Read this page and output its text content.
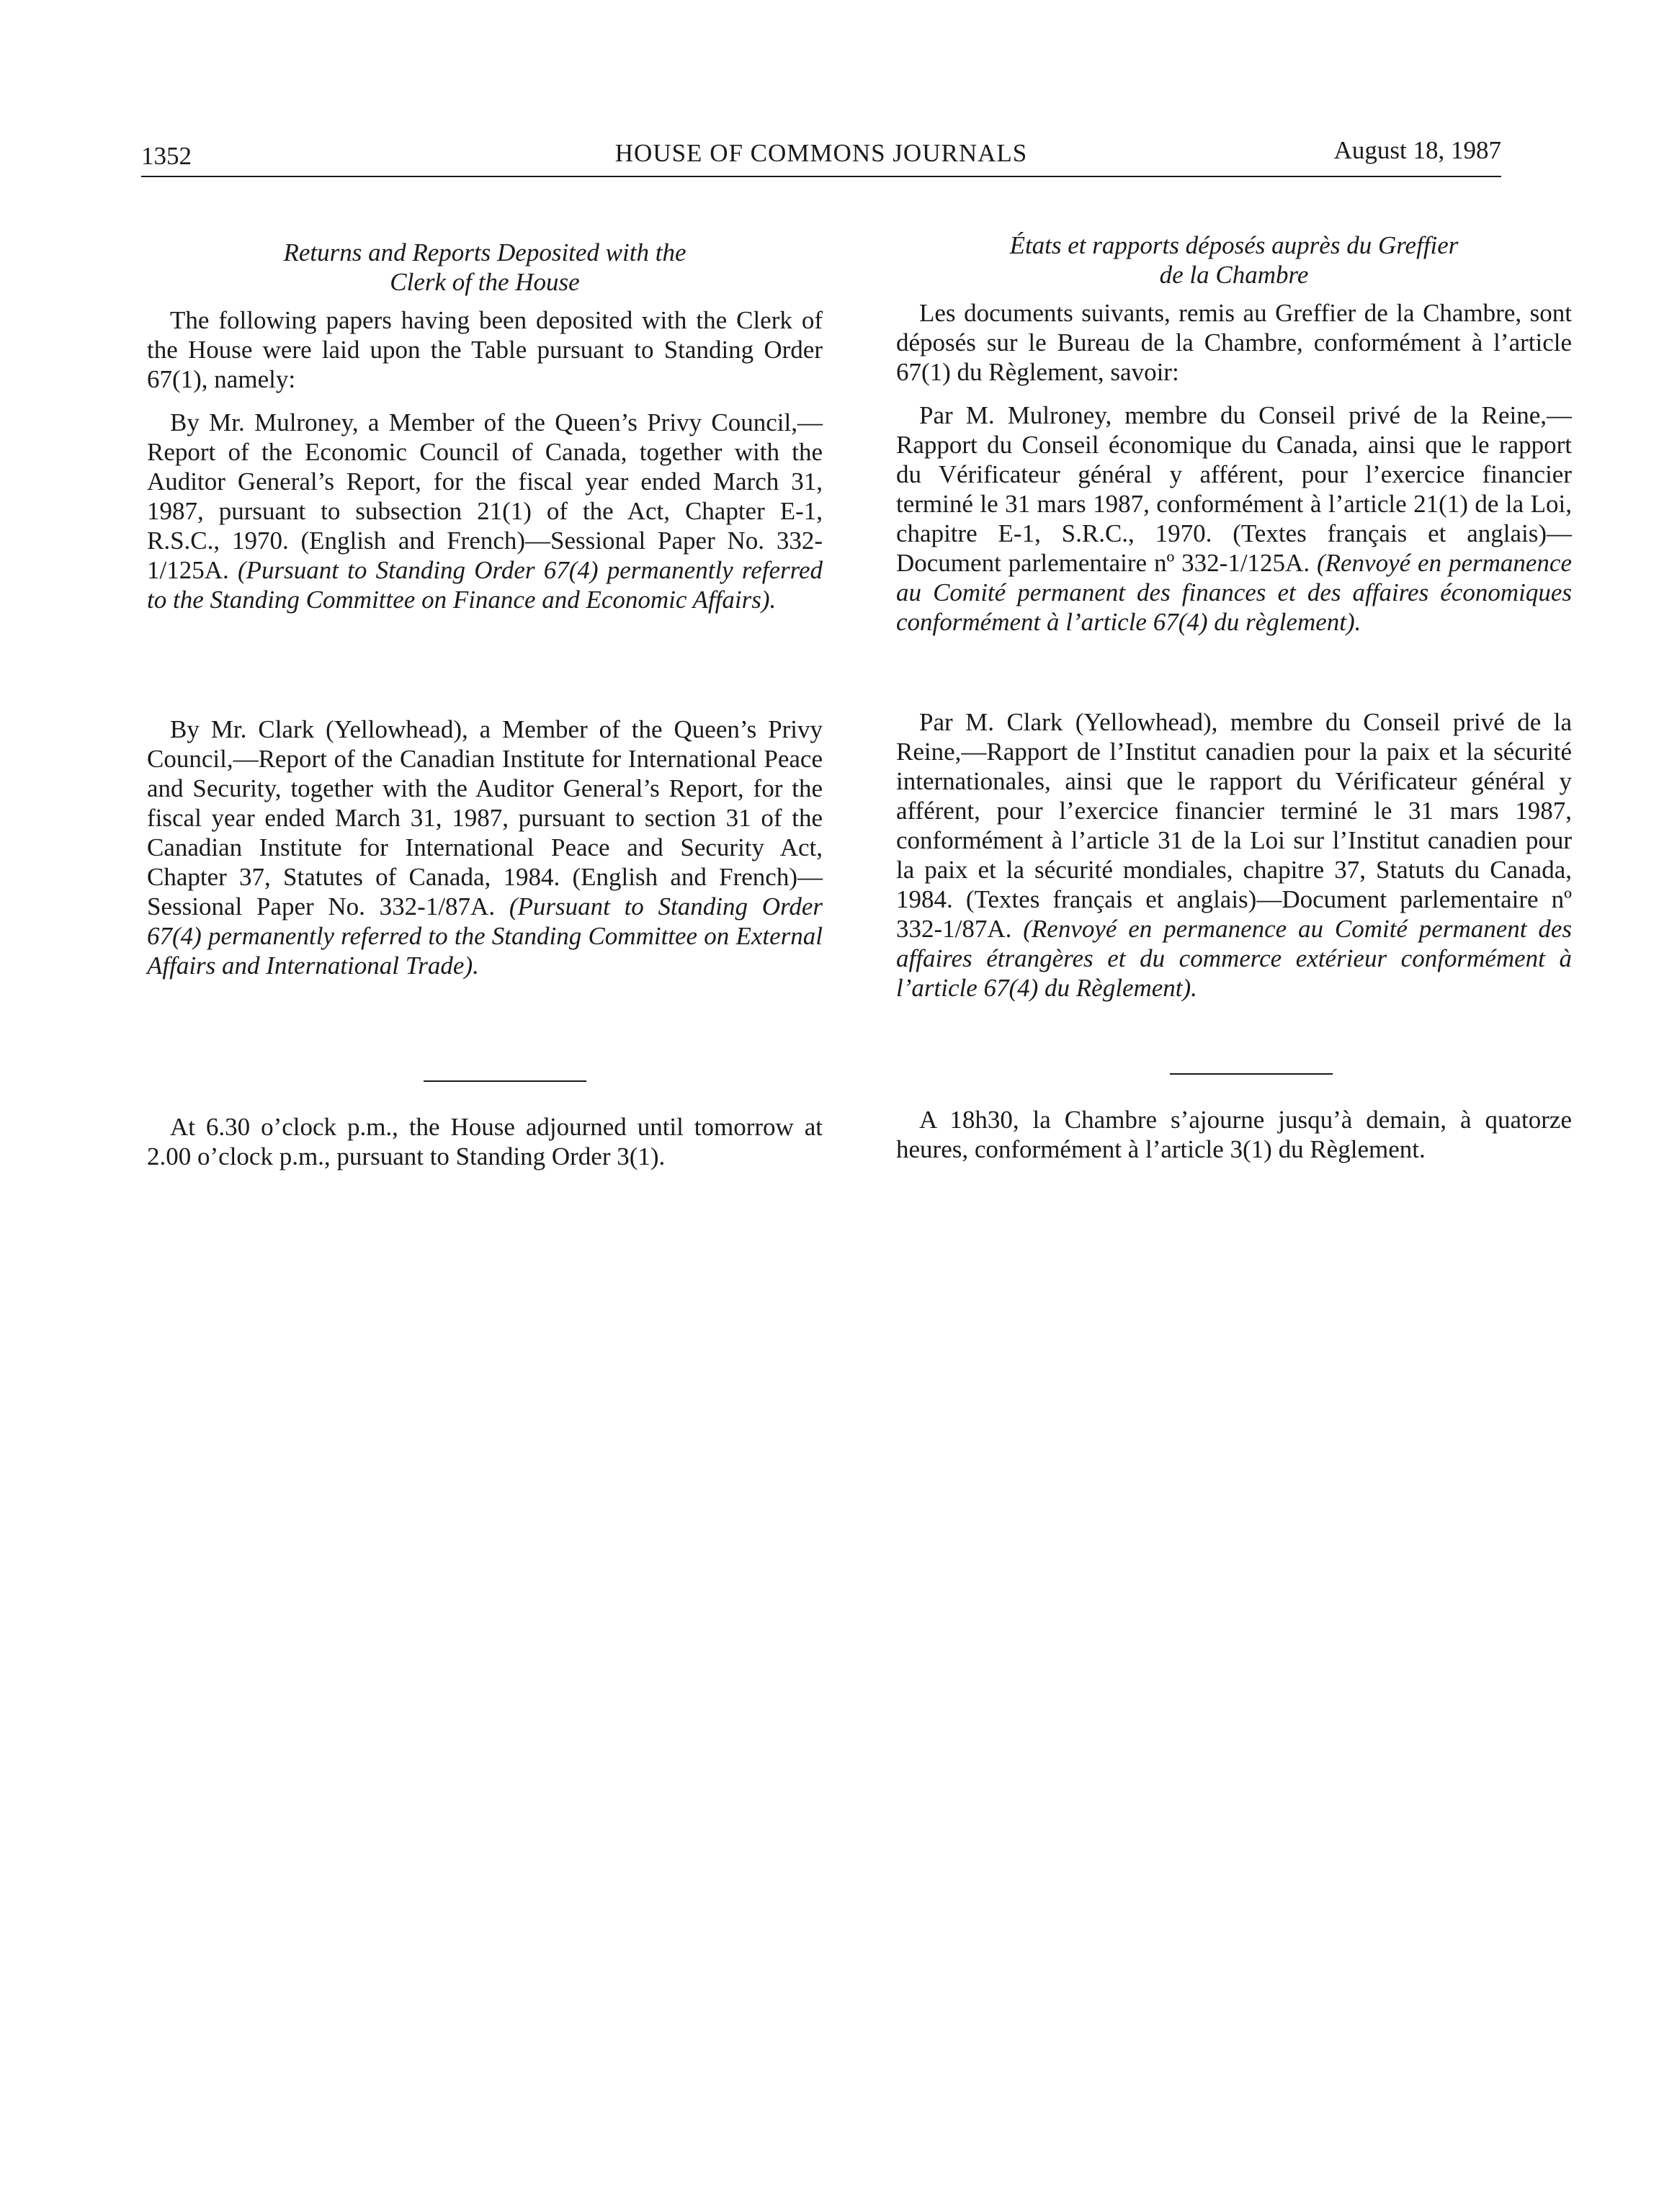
1352	HOUSE OF COMMONS JOURNALS	August 18, 1987
Returns and Reports Deposited with the
Clerk of the House

The following papers having been deposited with the Clerk of the House were laid upon the Table pursuant to Standing Order 67(1), namely:

By Mr. Mulroney, a Member of the Queen’s Privy Council,—Report of the Economic Council of Canada, together with the Auditor General’s Report, for the fiscal year ended March 31, 1987, pursuant to subsection 21(1) of the Act, Chapter E-1, R.S.C., 1970. (English and French)—Sessional Paper No. 332-1/125A. (Pursuant to Standing Order 67(4) permanently referred to the Standing Committee on Finance and Economic Affairs).

By Mr. Clark (Yellowhead), a Member of the Queen’s Privy Council,—Report of the Canadian Institute for International Peace and Security, together with the Auditor General’s Report, for the fiscal year ended March 31, 1987, pursuant to section 31 of the Canadian Institute for International Peace and Security Act, Chapter 37, Statutes of Canada, 1984. (English and French)—Sessional Paper No. 332-1/87A. (Pursuant to Standing Order 67(4) permanently referred to the Standing Committee on External Affairs and International Trade).

At 6.30 o’clock p.m., the House adjourned until tomorrow at 2.00 o’clock p.m., pursuant to Standing Order 3(1).

États et rapports déposés auprès du Greffier
de la Chambre

Les documents suivants, remis au Greffier de la Chambre, sont déposés sur le Bureau de la Chambre, conformément à l’article 67(1) du Règlement, savoir:

Par M. Mulroney, membre du Conseil privé de la Reine,—Rapport du Conseil économique du Canada, ainsi que le rapport du Vérificateur général y afférent, pour l’exercice financier terminé le 31 mars 1987, conformément à l’article 21(1) de la Loi, chapitre E-1, S.R.C., 1970. (Textes français et anglais)—Document parlementaire nº 332-1/125A. (Renvoyé en permanence au Comité permanent des finances et des affaires économiques conformément à l’article 67(4) du règlement).

Par M. Clark (Yellowhead), membre du Conseil privé de la Reine,—Rapport de l’Institut canadien pour la paix et la sécurité internationales, ainsi que le rapport du Vérificateur général y afférent, pour l’exercice financier terminé le 31 mars 1987, conformément à l’article 31 de la Loi sur l’Institut canadien pour la paix et la sécurité mondiales, chapitre 37, Statuts du Canada, 1984. (Textes français et anglais)—Document parlementaire nº 332-1/87A. (Renvoyé en permanence au Comité permanent des affaires étrangères et du commerce extérieur conformément à l’article 67(4) du Règlement).

A 18h30, la Chambre s’ajourne jusqu’à demain, à quatorze heures, conformément à l’article 3(1) du Règlement.
